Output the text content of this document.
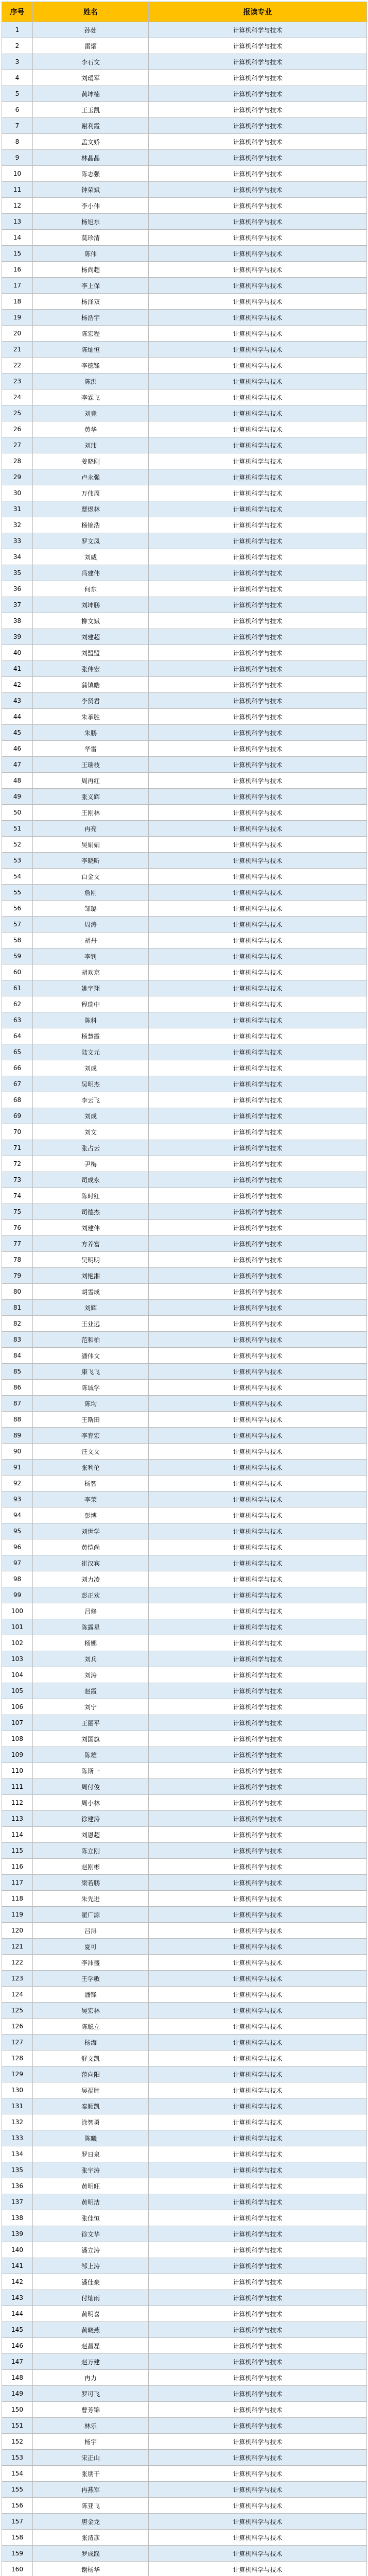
序号	姓名	报读专业
1	孙茹	计算机科学与技术
2	雷熠	计算机科学与技术
3	李石文	计算机科学与技术
4	刘瑷军	计算机科学与技术
5	黄坤楠	计算机科学与技术
6	王玉凯	计算机科学与技术
7	谢利霞	计算机科学与技术
8	孟文娇	计算机科学与技术
9	林晶晶	计算机科学与技术
10	陈志强	计算机科学与技术
11	钟荣斌	计算机科学与技术
12	李小伟	计算机科学与技术
13	杨旭东	计算机科学与技术
14	莫珍清	计算机科学与技术
15	陈伟	计算机科学与技术
16	杨尚超	计算机科学与技术
17	李上保	计算机科学与技术
18	杨泽双	计算机科学与技术
19	杨浩宇	计算机科学与技术
20	陈宏程	计算机科学与技术
21	陈灿恒	计算机科学与技术
22	李德锋	计算机科学与技术
23	陈洪	计算机科学与技术
24	李霖飞	计算机科学与技术
25	刘竞	计算机科学与技术
26	黄华	计算机科学与技术
27	刘玮	计算机科学与技术
28	姜晓刚	计算机科学与技术
29	卢永强	计算机科学与技术
30	万伟周	计算机科学与技术
31	覃煜林	计算机科学与技术
32	杨锦浩	计算机科学与技术
33	罗文凤	计算机科学与技术
34	刘威	计算机科学与技术
35	冯建伟	计算机科学与技术
36	何东	计算机科学与技术
37	刘坤鹏	计算机科学与技术
38	柳文斌	计算机科学与技术
39	刘建超	计算机科学与技术
40	刘盟盟	计算机科学与技术
41	张伟宏	计算机科学与技术
42	蒲镇皓	计算机科学与技术
43	李贤君	计算机科学与技术
44	朱承胜	计算机科学与技术
45	朱鹏	计算机科学与技术
46	华雷	计算机科学与技术
47	王瑞枝	计算机科学与技术
48	周再红	计算机科学与技术
49	张义辉	计算机科学与技术
50	王刚林	计算机科学与技术
51	冉亮	计算机科学与技术
52	吴娟娟	计算机科学与技术
53	李晓昕	计算机科学与技术
54	白金文	计算机科学与技术
55	詹刚	计算机科学与技术
56	邹璐	计算机科学与技术
57	周涛	计算机科学与技术
58	胡丹	计算机科学与技术
59	李钊	计算机科学与技术
60	胡欢京	计算机科学与技术
61	姚字翔	计算机科学与技术
62	程瑞中	计算机科学与技术
63	陈科	计算机科学与技术
64	杨慧霞	计算机科学与技术
65	陆文元	计算机科学与技术
66	刘成	计算机科学与技术
67	吴明杰	计算机科学与技术
68	李云飞	计算机科学与技术
69	刘成	计算机科学与技术
70	刘文	计算机科学与技术
71	张占云	计算机科学与技术
72	尹梅	计算机科学与技术
73	司成永	计算机科学与技术
74	陈时红	计算机科学与技术
75	司德杰	计算机科学与技术
76	刘建伟	计算机科学与技术
77	方养富	计算机科学与技术
78	吴明明	计算机科学与技术
79	刘艳湘	计算机科学与技术
80	胡雪成	计算机科学与技术
81	刘辉	计算机科学与技术
82	王业远	计算机科学与技术
83	范和柏	计算机科学与技术
84	潘伟文	计算机科学与技术
85	康飞飞	计算机科学与技术
86	陈诚学	计算机科学与技术
87	陈均	计算机科学与技术
88	王斯田	计算机科学与技术
89	李育宏	计算机科学与技术
90	汪文文	计算机科学与技术
91	张利伦	计算机科学与技术
92	杨智	计算机科学与技术
93	李荣	计算机科学与技术
94	彭博	计算机科学与技术
95	刘世学	计算机科学与技术
96	黄恺尚	计算机科学与技术
97	崔汉宾	计算机科学与技术
98	刘力凌	计算机科学与技术
99	彭正欢	计算机科学与技术
100	吕修	计算机科学与技术
101	陈露星	计算机科学与技术
102	杨娜	计算机科学与技术
103	刘兵	计算机科学与技术
104	刘涛	计算机科学与技术
105	赵霞	计算机科学与技术
106	刘宁	计算机科学与技术
107	王丽平	计算机科学与技术
108	刘国旗	计算机科学与技术
109	陈雄	计算机科学与技术
110	陈斯一	计算机科学与技术
111	周付俊	计算机科学与技术
112	周小林	计算机科学与技术
113	徐建涛	计算机科学与技术
114	刘恩超	计算机科学与技术
115	陈立刚	计算机科学与技术
116	赵刚彬	计算机科学与技术
117	梁若鹏	计算机科学与技术
118	朱先进	计算机科学与技术
119	翟广源	计算机科学与技术
120	吕浔	计算机科学与技术
121	夏可	计算机科学与技术
122	李沛盛	计算机科学与技术
123	王学敏	计算机科学与技术
124	潘锋	计算机科学与技术
125	吴宏林	计算机科学与技术
126	陈聪立	计算机科学与技术
127	杨海	计算机科学与技术
128	舒文凯	计算机科学与技术
129	范向阳	计算机科学与技术
130	吴福胜	计算机科学与技术
131	秦顺凯	计算机科学与技术
132	涂智勇	计算机科学与技术
133	陈曦	计算机科学与技术
134	罗日泉	计算机科学与技术
135	张宇涛	计算机科学与技术
136	黄明旺	计算机科学与技术
137	黄明洁	计算机科学与技术
138	张佳恒	计算机科学与技术
139	徐文华	计算机科学与技术
140	潘立涛	计算机科学与技术
141	邹上涛	计算机科学与技术
142	潘佳豪	计算机科学与技术
143	付灿雨	计算机科学与技术
144	黄明喜	计算机科学与技术
145	黄晓燕	计算机科学与技术
146	赵昌磊	计算机科学与技术
147	赵万建	计算机科学与技术
148	冉力	计算机科学与技术
149	罗可飞	计算机科学与技术
150	曹芳锦	计算机科学与技术
151	林乐	计算机科学与技术
152	杨宇	计算机科学与技术
153	宋正山	计算机科学与技术
154	张朋干	计算机科学与技术
155	冉燕军	计算机科学与技术
156	陈亚飞	计算机科学与技术
157	唐金龙	计算机科学与技术
158	张清彦	计算机科学与技术
159	罗成蹼	计算机科学与技术
160	谢杨华	计算机科学与技术
